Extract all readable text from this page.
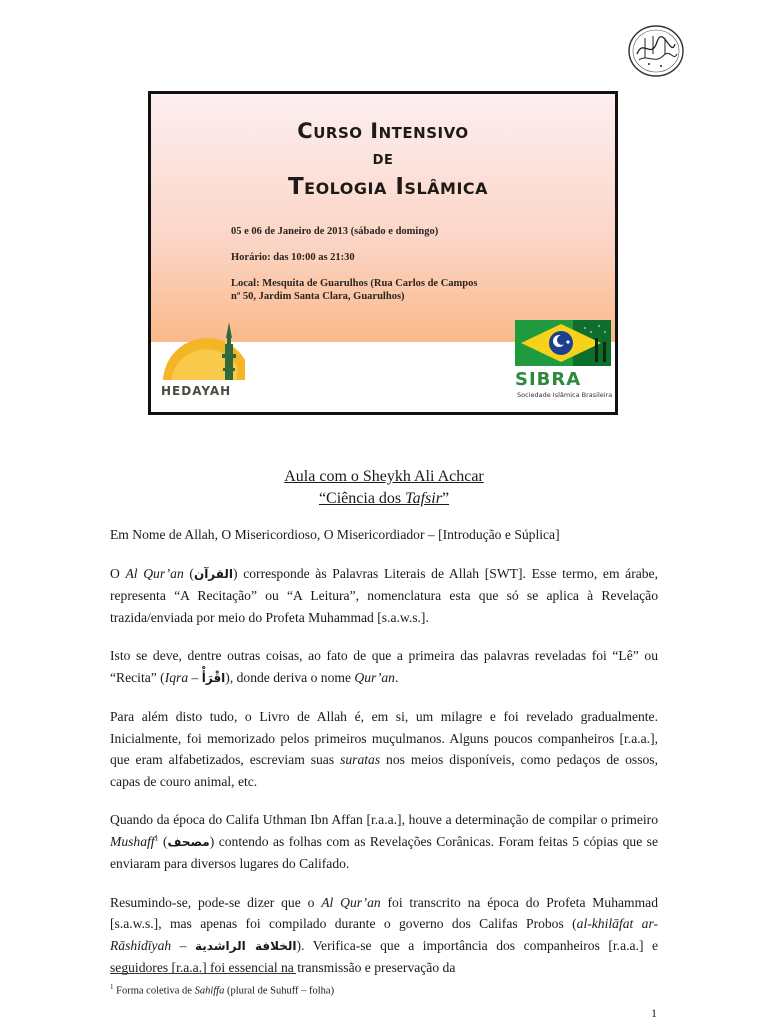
Curso Intensivo
de
Teologia Islâmica

05 e 06 de Janeiro de 2013 (sábado e domingo)

Horário: das 10:00 as 21:30

Local: Mesquita de Guarulhos (Rua Carlos de Campos

nº 50, Jardim Santa Clara, Guarulhos)

HEDAYAH
SIBRA
Sociedade Islâmica Brasileira
Aula com o Sheykh Ali Achcar
“Ciência dos Tafsir”

Em Nome de Allah, O Misericordioso, O Misericordiador – [Introdução e Súplica]

O Al Qur’an (القرآن) corresponde às Palavras Literais de Allah [SWT]. Esse termo, em árabe, representa “A Recitação” ou “A Leitura”, nomenclatura esta que só se aplica à Revelação trazida/enviada por meio do Profeta Muhammad [s.a.w.s.].

Isto se deve, dentre outras coisas, ao fato de que a primeira das palavras reveladas foi “Lê” ou “Recita” (Iqra – اقْرَأْ), donde deriva o nome Qur’an.

Para além disto tudo, o Livro de Allah é, em si, um milagre e foi revelado gradualmente. Inicialmente, foi memorizado pelos primeiros muçulmanos. Alguns poucos companheiros [r.a.a.], que eram alfabetizados, escreviam suas suratas nos meios disponíveis, como pedaços de ossos, capas de couro animal, etc.

Quando da época do Califa Uthman Ibn Affan [r.a.a.], houve a determinação de compilar o primeiro Mushaff$^1$ (مصحف) contendo as folhas com as Revelações Corânicas. Foram feitas 5 cópias que se enviaram para diversos lugares do Califado.

Resumindo-se, pode-se dizer que o Al Qur’an foi transcrito na época do Profeta Muhammad [s.a.w.s.], mas apenas foi compilado durante o governo dos Califas Probos (al-khilāfat ar-Rāshidīyah – الخلافة الراشدية). Verifica-se que a importância dos companheiros [r.a.a.] e seguidores [r.a.a.] foi essencial na transmissão e preservação da

$^1$ Forma coletiva de Sahiffa (plural de Suhuff – folha)
1
